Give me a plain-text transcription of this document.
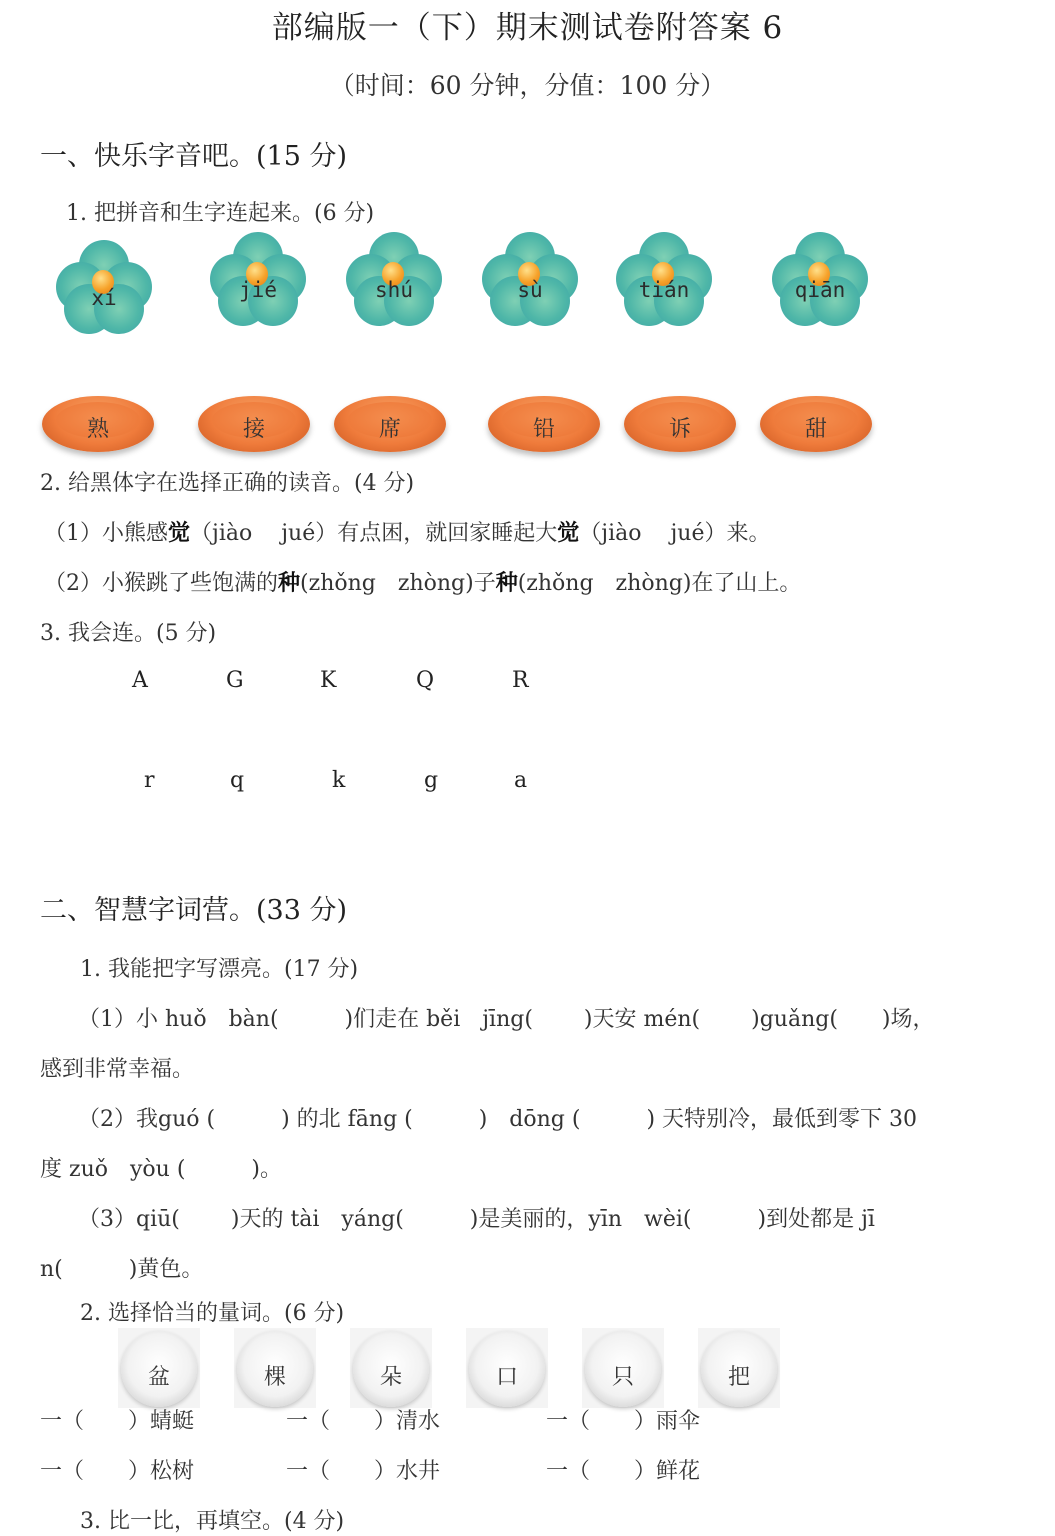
部编版一（下）期末测试卷附答案 6
（时间：60 分钟，分值：100 分）
一、快乐字音吧。(15 分)
1. 把拼音和生字连起来。(6 分)
xí	jié	shú	sù	tián	qiān
熟	接	席	铅	诉	甜
2. 给黑体字在选择正确的读音。(4 分)
（1）小熊感觉（jiào　 jué）有点困，就回家睡起大觉（jiào　 jué）来。
（2）小猴跳了些饱满的种(zhǒng　zhòng)子种(zhǒng　zhòng)在了山上。
3. 我会连。(5 分)
A	G	K	Q	R
r	q	k	g	a
二、智慧字词营。(33 分)
1. 我能把字写漂亮。(17 分)
（1）小 huǒ　bàn(　　　)们走在 běi　jīng(　　 )天安 mén(　　 )guǎng(　　)场，
感到非常幸福。
（2）我guó (　　　) 的北 fāng (　　　)　dōng (　　　) 天特别冷，最低到零下 30
度 zuǒ　yòu (　　　)。
（3）qiū(　　 )天的 tài　yáng(　　　)是美丽的，yīn　wèi(　　　)到处都是 jī
n(　　　)黄色。
2. 选择恰当的量词。(6 分)
盆	棵	朵	口	只	把
一（　　）蜻蜓	一（　　）清水	一（　　）雨伞
一（　　）松树	一（　　）水井	一（　　）鲜花
3. 比一比，再填空。(4 分)
